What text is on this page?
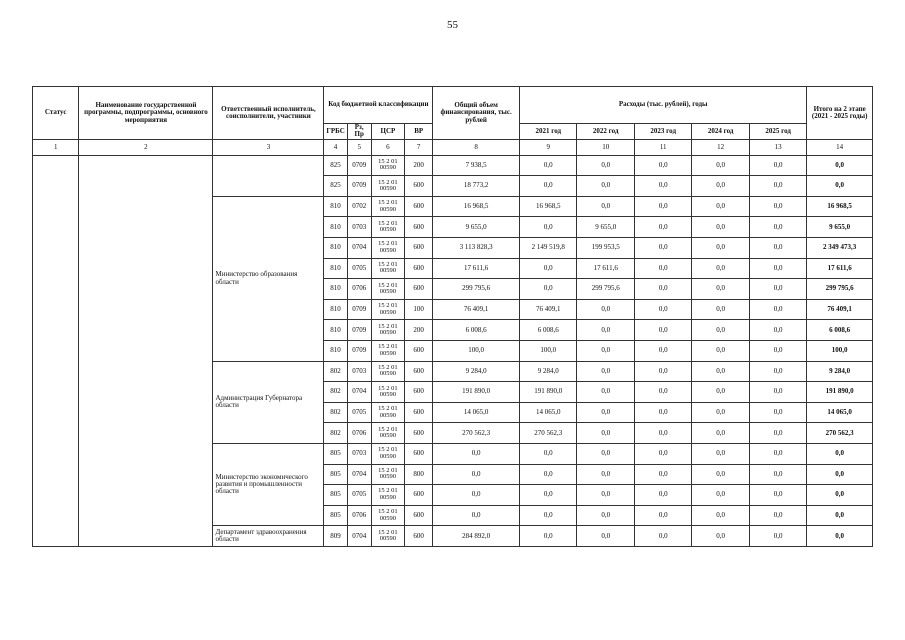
55
Статус	Наименование государственной программы, подпрограммы, основного мероприятия	Ответственный исполнитель, соисполнители, участники	Код бюджетной классификации				Общий объем финансирования, тыс. рублей	Расходы (тыс. рублей), годы					Итого на 2 этапе (2021 - 2025 годы)
			ГРБС	Рз, Пр	ЦСР	ВР		2021 год	2022 год	2023 год	2024 год	2025 год	
1	2	3	4	5	6	7	8	9	10	11	12	13	14
			825	0709	15 2 01 00590	200	7 938,5	0,0	0,0	0,0	0,0	0,0	0,0
			825	0709	15 2 01 00590	600	18 773,2	0,0	0,0	0,0	0,0	0,0	0,0
		Министерство образования области	810	0702	15 2 01 00590	600	16 968,5	16 968,5	0,0	0,0	0,0	0,0	16 968,5
			810	0703	15 2 01 00590	600	9 655,0	0,0	9 655,0	0,0	0,0	0,0	9 655,0
			810	0704	15 2 01 00590	600	3 113 828,3	2 149 519,8	199 953,5	0,0	0,0	0,0	2 349 473,3
			810	0705	15 2 01 00590	600	17 611,6	0,0	17 611,6	0,0	0,0	0,0	17 611,6
			810	0706	15 2 01 00590	600	299 795,6	0,0	299 795,6	0,0	0,0	0,0	299 795,6
			810	0709	15 2 01 00590	100	76 409,1	76 409,1	0,0	0,0	0,0	0,0	76 409,1
			810	0709	15 2 01 00590	200	6 008,6	6 008,6	0,0	0,0	0,0	0,0	6 008,6
			810	0709	15 2 01 00590	600	100,0	100,0	0,0	0,0	0,0	0,0	100,0
		Администрация Губернатора области	802	0703	15 2 01 00590	600	9 284,0	9 284,0	0,0	0,0	0,0	0,0	9 284,0
			802	0704	15 2 01 00590	600	191 890,0	191 890,0	0,0	0,0	0,0	0,0	191 890,0
			802	0705	15 2 01 00590	600	14 065,0	14 065,0	0,0	0,0	0,0	0,0	14 065,0
			802	0706	15 2 01 00590	600	270 562,3	270 562,3	0,0	0,0	0,0	0,0	270 562,3
		Министерство экономического развития и промышленности области	805	0703	15 2 01 00590	600	0,0	0,0	0,0	0,0	0,0	0,0	0,0
			805	0704	15 2 01 00590	800	0,0	0,0	0,0	0,0	0,0	0,0	0,0
			805	0705	15 2 01 00590	600	0,0	0,0	0,0	0,0	0,0	0,0	0,0
			805	0706	15 2 01 00590	600	0,0	0,0	0,0	0,0	0,0	0,0	0,0
		Департамент здравоохранения области	809	0704	15 2 01 00590	600	284 892,0	0,0	0,0	0,0	0,0	0,0	0,0
